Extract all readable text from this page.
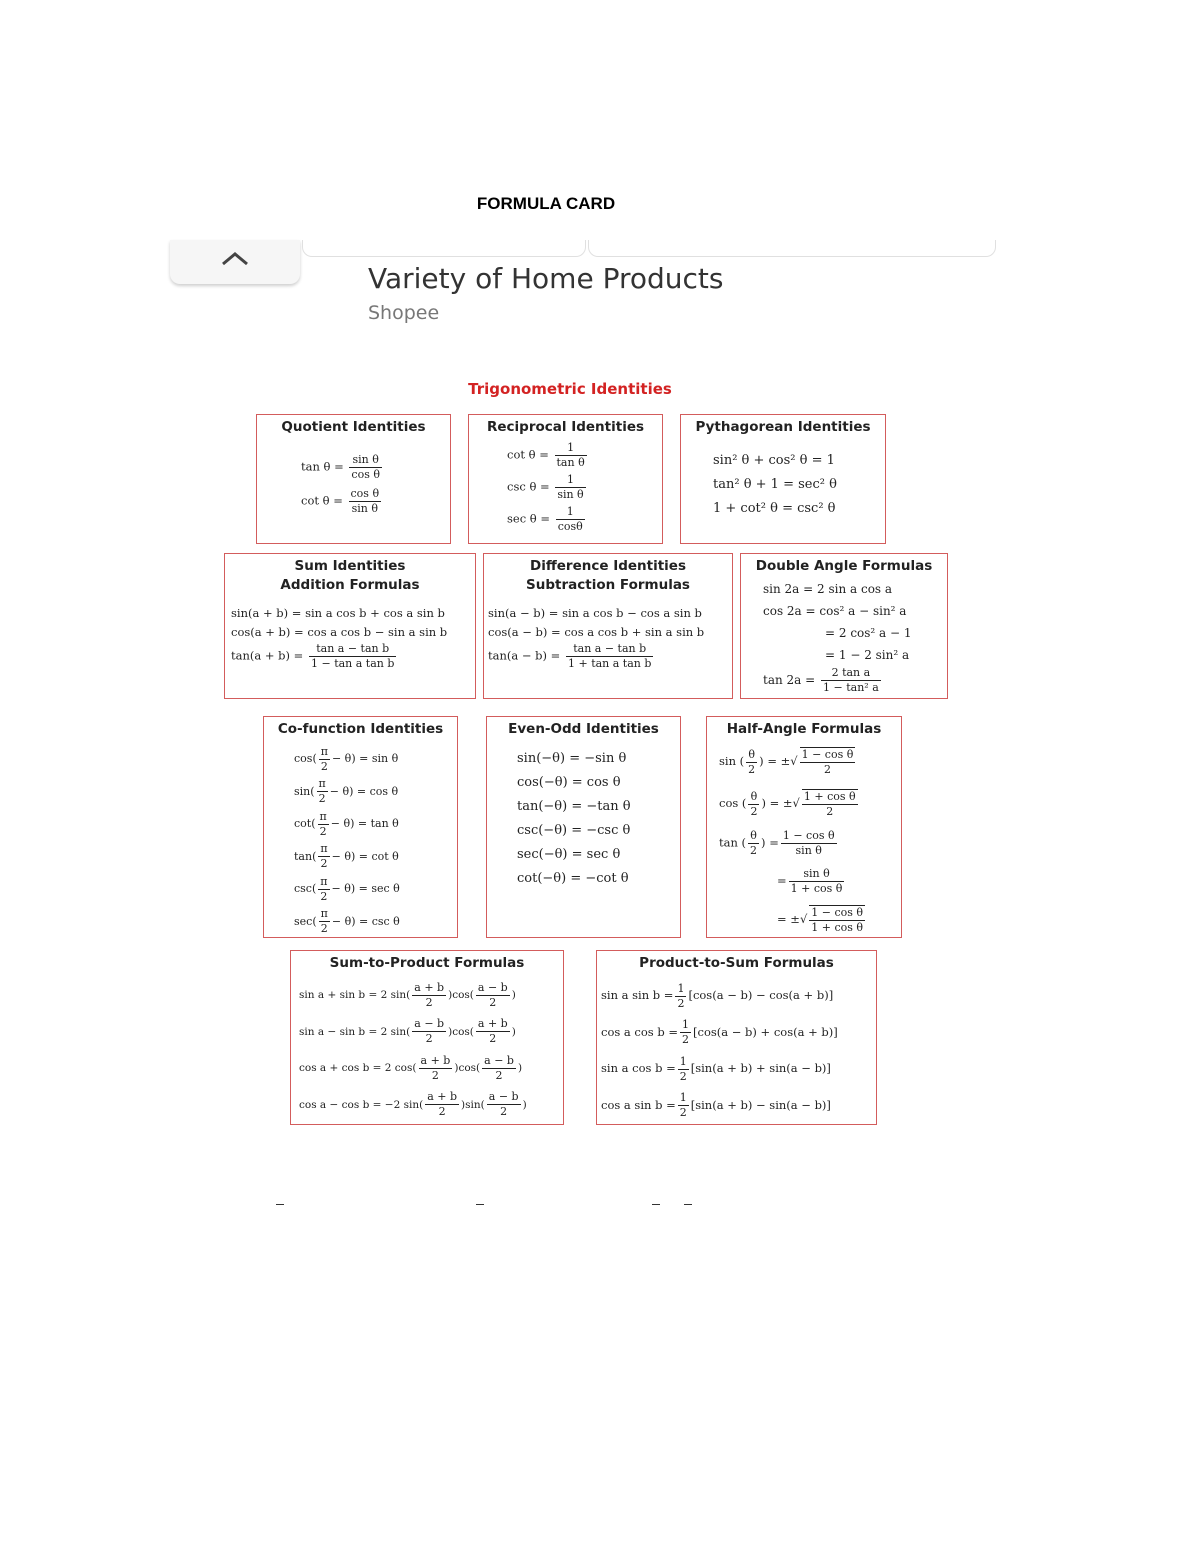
FORMULA CARD
Variety of Home Products
Shopee
Trigonometric Identities
Quotient Identities
$\tan \theta = \frac{\text{sin θ}}{\text{cos θ}}$
$\cot \theta = \frac{\text{cos θ}}{\text{sin θ}}$
Reciprocal Identities
$\cot \theta = \frac{1}{\text{tan θ}}$
$\csc \theta = \frac{1}{\text{sin θ}}$
$\sec \theta = \frac{1}{\cos\theta}$
Pythagorean Identities
sin² θ + cos² θ = 1
tan² θ + 1 = sec² θ
1 + cot² θ = csc² θ
Sum Identities
Addition Formulas
sin(a + b) = sin a cos b + cos a sin b
cos(a + b) = cos a cos b − sin a sin b
$\tan(a + b) = \frac{\text{tan a − tan b}}{\text{1 − tan a tan b}}$
Difference Identities
Subtraction Formulas
sin(a − b) = sin a cos b − cos a sin b
cos(a − b) = cos a cos b + sin a sin b
$\tan(a - b) = \frac{\text{tan a − tan b}}{\text{1 + tan a tan b}}$
Double Angle Formulas
sin 2a = 2 sin a cos a
cos 2a = cos² a − sin² a
= 2 cos² a − 1
= 1 − 2 sin² a
$\tan 2a = \frac{\text{2 tan a}}{\text{1 − tan² a}}$
Co-function Identities
$\cos( \frac{\pi}{2} - \theta) = \sin \theta$
$\sin( \frac{\pi}{2} - \theta) = \cos \theta$
$\cot( \frac{\pi}{2} - \theta) = \tan \theta$
$\tan( \frac{\pi}{2} - \theta) = \cot \theta$
$\csc( \frac{\pi}{2} - \theta) = \sec \theta$
$\sec( \frac{\pi}{2} - \theta) = \csc \theta$
Even-Odd Identities
sin(−θ) = −sin θ
cos(−θ) = cos θ
tan(−θ) = −tan θ
csc(−θ) = −csc θ
sec(−θ) = sec θ
cot(−θ) = −cot θ
Half-Angle Formulas
sin ( $\frac{\theta}{2}$ ) = ±√ $\frac{\text{1 − cos θ}}{2}$
cos ( $\frac{\theta}{2}$ ) = ±√ $\frac{\text{1 + cos θ}}{2}$
tan ( $\frac{\theta}{2}$ ) = $\frac{\text{1 − cos θ}}{\text{sin θ}}$
= $\frac{\text{sin θ}}{\text{1 + cos θ}}$
= ±√ $\frac{\text{1 − cos θ}}{\text{1 + cos θ}}$
Sum-to-Product Formulas
sin a + sin b = 2 $\sin( \frac{a + b}{2} )\cos( \frac{a - b}{2}$ )
sin a − sin b = 2 $\sin( \frac{a - b}{2} )\cos( \frac{a + b}{2}$ )
cos a + cos b = 2 $\cos( \frac{a + b}{2} )\cos( \frac{a - b}{2}$ )
cos a − cos b = −2 $\sin( \frac{a + b}{2} )\sin( \frac{a - b}{2}$ )
Product-to-Sum Formulas
sin a $\sin b = \frac{1}{2} [\cos(a - b) - \cos(a + b)]$
cos a $\cos b = \frac{1}{2} [\cos(a - b) + \cos(a + b)]$
sin a $\cos b = \frac{1}{2} [\sin(a + b) + \sin(a - b)]$
cos a $\sin b = \frac{1}{2} [\sin(a + b) - \sin(a - b)]$
